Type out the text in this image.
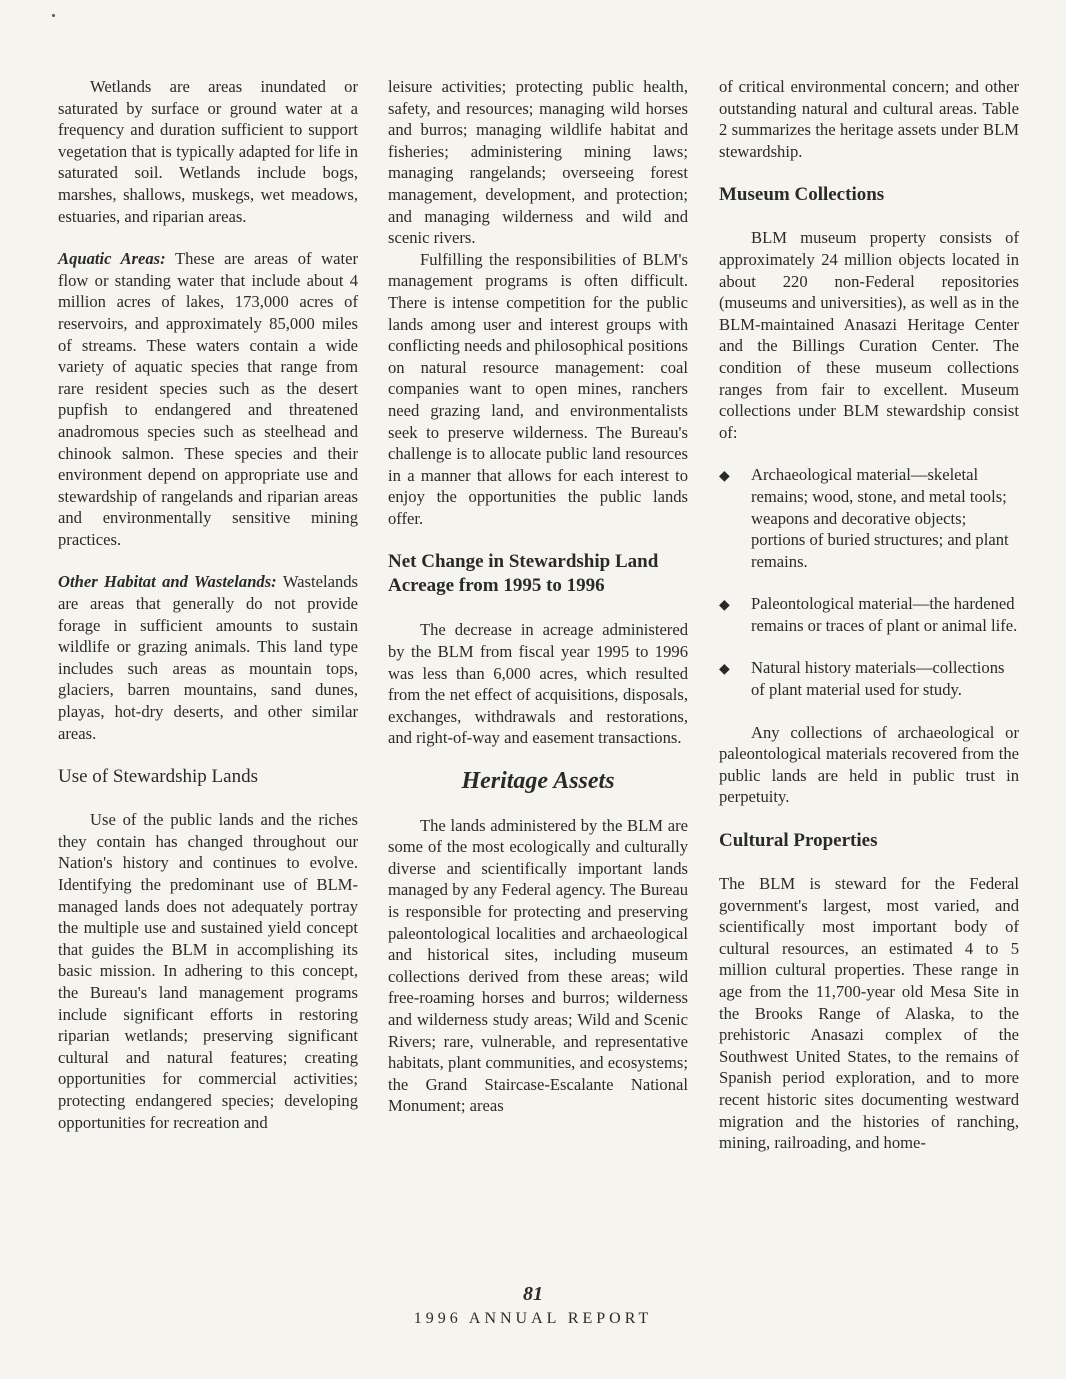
Wetlands are areas inundated or saturated by surface or ground water at a frequency and duration sufficient to support vegetation that is typically adapted for life in saturated soil. Wetlands include bogs, marshes, shallows, muskegs, wet meadows, estuaries, and riparian areas.

Aquatic Areas: These are areas of water flow or standing water that include about 4 million acres of lakes, 173,000 acres of reservoirs, and approximately 85,000 miles of streams. These waters contain a wide variety of aquatic species that range from rare resident species such as the desert pupfish to endangered and threatened anadromous species such as steelhead and chinook salmon. These species and their environment depend on appropriate use and stewardship of rangelands and riparian areas and environmentally sensitive mining practices.

Other Habitat and Wastelands: Wastelands are areas that generally do not provide forage in sufficient amounts to sustain wildlife or grazing animals. This land type includes such areas as mountain tops, glaciers, barren mountains, sand dunes, playas, hot-dry deserts, and other similar areas.

Use of Stewardship Lands

Use of the public lands and the riches they contain has changed throughout our Nation's history and continues to evolve. Identifying the predominant use of BLM-managed lands does not adequately portray the multiple use and sustained yield concept that guides the BLM in accomplishing its basic mission. In adhering to this concept, the Bureau's land management programs include significant efforts in restoring riparian wetlands; preserving significant cultural and natural features; creating opportunities for commercial activities; protecting endangered species; developing opportunities for recreation and

leisure activities; protecting public health, safety, and resources; managing wild horses and burros; managing wildlife habitat and fisheries; administering mining laws; managing rangelands; overseeing forest management, development, and protection; and managing wilderness and wild and scenic rivers.

Fulfilling the responsibilities of BLM's management programs is often difficult. There is intense competition for the public lands among user and interest groups with conflicting needs and philosophical positions on natural resource management: coal companies want to open mines, ranchers need grazing land, and environmentalists seek to preserve wilderness. The Bureau's challenge is to allocate public land resources in a manner that allows for each interest to enjoy the opportunities the public lands offer.

Net Change in Stewardship Land Acreage from 1995 to 1996

The decrease in acreage administered by the BLM from fiscal year 1995 to 1996 was less than 6,000 acres, which resulted from the net effect of acquisitions, disposals, exchanges, withdrawals and restorations, and right-of-way and easement transactions.

Heritage Assets

The lands administered by the BLM are some of the most ecologically and culturally diverse and scientifically important lands managed by any Federal agency. The Bureau is responsible for protecting and preserving paleontological localities and archaeological and historical sites, including museum collections derived from these areas; wild free-roaming horses and burros; wilderness and wilderness study areas; Wild and Scenic Rivers; rare, vulnerable, and representative habitats, plant communities, and ecosystems; the Grand Staircase-Escalante National Monument; areas

of critical environmental concern; and other outstanding natural and cultural areas. Table 2 summarizes the heritage assets under BLM stewardship.

Museum Collections

BLM museum property consists of approximately 24 million objects located in about 220 non-Federal repositories (museums and universities), as well as in the BLM-maintained Anasazi Heritage Center and the Billings Curation Center. The condition of these museum collections ranges from fair to excellent. Museum collections under BLM stewardship consist of:

◆	Archaeological material—skeletal remains; wood, stone, and metal tools; weapons and decorative objects; portions of buried structures; and plant remains.
◆	Paleontological material—the hardened remains or traces of plant or animal life.
◆	Natural history materials—collections of plant material used for study.

Any collections of archaeological or paleontological materials recovered from the public lands are held in public trust in perpetuity.

Cultural Properties

The BLM is steward for the Federal government's largest, most varied, and scientifically most important body of cultural resources, an estimated 4 to 5 million cultural properties. These range in age from the 11,700-year old Mesa Site in the Brooks Range of Alaska, to the prehistoric Anasazi complex of the Southwest United States, to the remains of Spanish period exploration, and to more recent historic sites documenting westward migration and the histories of ranching, mining, railroading, and home-

81
1996 ANNUAL REPORT
